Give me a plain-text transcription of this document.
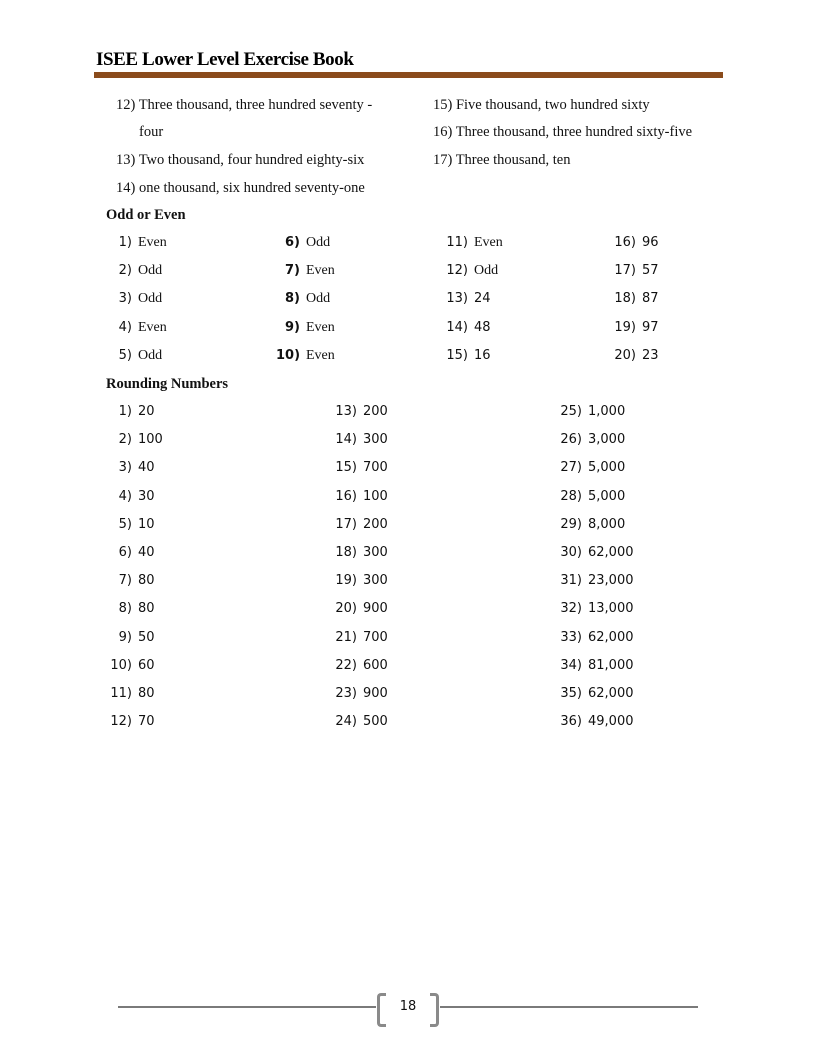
ISEE Lower Level Exercise Book
12) Three thousand, three hundred seventy -
four
13) Two thousand, four hundred eighty-six
14) one thousand, six hundred seventy-one
15) Five thousand, two hundred sixty
16) Three thousand, three hundred sixty-five
17) Three thousand, ten
Odd or Even
1) Even
2) Odd
3) Odd
4) Even
5) Odd
6) Odd
7) Even
8) Odd
9) Even
10) Even
11) Even
12) Odd
13) 24
14) 48
15) 16
16) 96
17) 57
18) 87
19) 97
20) 23
Rounding Numbers
1) 20
2) 100
3) 40
4) 30
5) 10
6) 40
7) 80
8) 80
9) 50
10) 60
11) 80
12) 70
13) 200
14) 300
15) 700
16) 100
17) 200
18) 300
19) 300
20) 900
21) 700
22) 600
23) 900
24) 500
25) 1,000
26) 3,000
27) 5,000
28) 5,000
29) 8,000
30) 62,000
31) 23,000
32) 13,000
33) 62,000
34) 81,000
35) 62,000
36) 49,000
18
